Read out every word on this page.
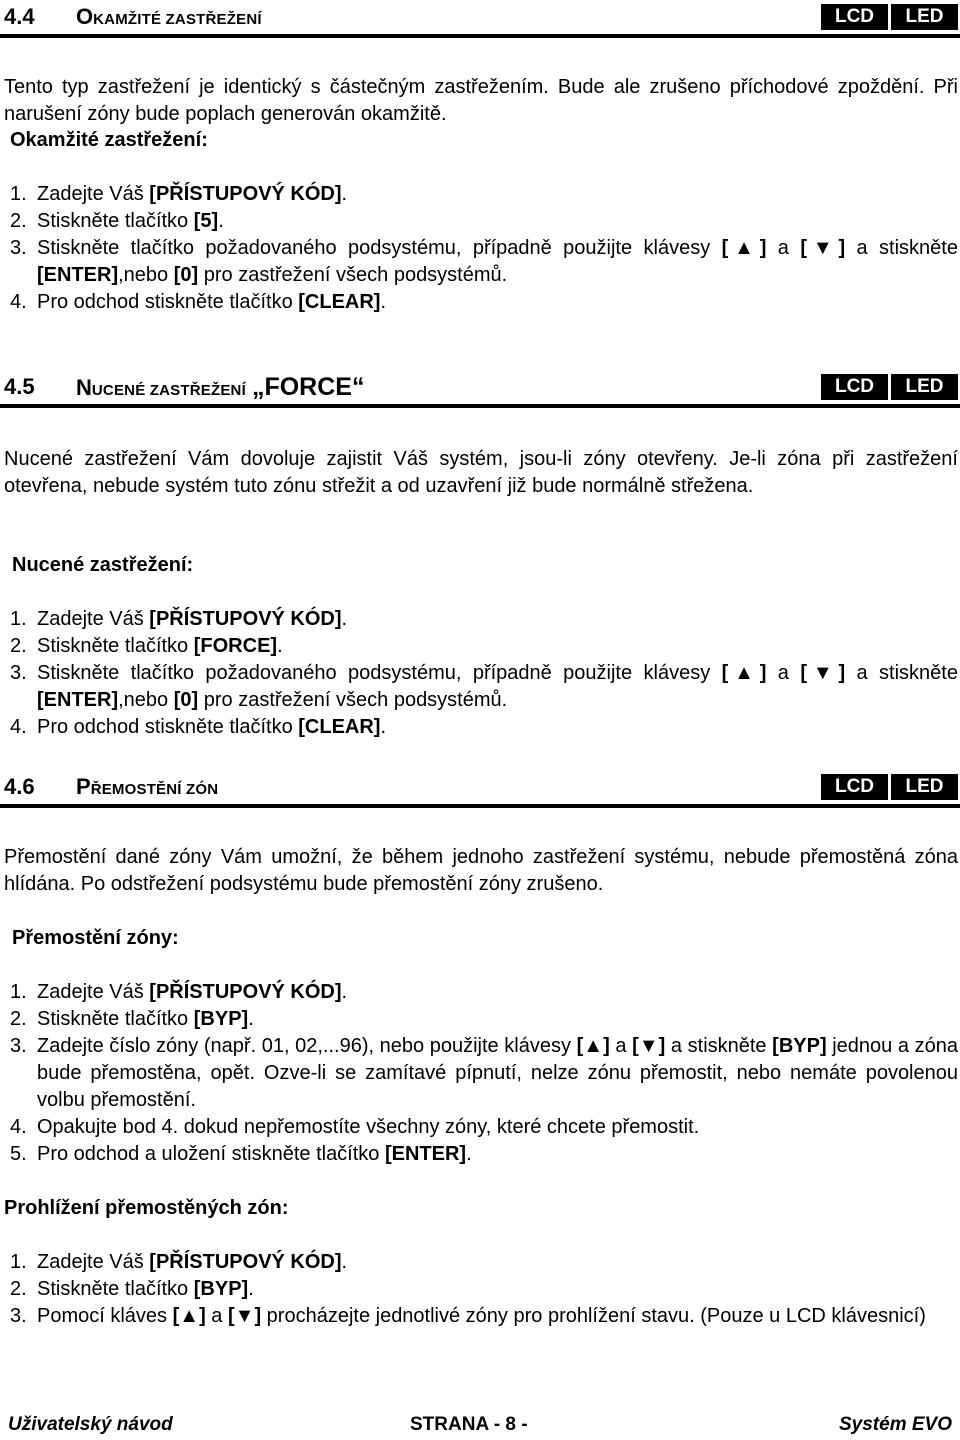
4.4 OKAMŽITÉ ZASTŘEŽENÍ	LCD	LED
Tento typ zastřežení je identický s částečným zastřežením. Bude ale zrušeno příchodové zpoždění. Při narušení zóny bude poplach generován okamžitě.
Okamžité zastřežení:
1. Zadejte Váš [PŘÍSTUPOVÝ KÓD].
2. Stiskněte tlačítko [5].
3. Stiskněte tlačítko požadovaného podsystému, případně použijte klávesy [▲] a [▼] a stiskněte [ENTER],nebo [0] pro zastřežení všech podsystémů.
4. Pro odchod stiskněte tlačítko [CLEAR].
4.5 NUCENÉ ZASTŘEŽENÍ „FORCE“	LCD	LED
Nucené zastřežení Vám dovoluje zajistit Váš systém, jsou-li zóny otevřeny. Je-li zóna při zastřežení otevřena, nebude systém tuto zónu střežit a od uzavření již bude normálně střežena.
Nucené zastřežení:
1. Zadejte Váš [PŘÍSTUPOVÝ KÓD].
2. Stiskněte tlačítko [FORCE].
3. Stiskněte tlačítko požadovaného podsystému, případně použijte klávesy [▲] a [▼] a stiskněte [ENTER],nebo [0] pro zastřežení všech podsystémů.
4. Pro odchod stiskněte tlačítko [CLEAR].
4.6 PŘEMOSTĚNÍ ZÓN	LCD	LED
Přemostění dané zóny Vám umožní, že během jednoho zastřežení systému, nebude přemostěná zóna hlídána. Po odstřežení podsystému bude přemostění zóny zrušeno.
Přemostění zóny:
1. Zadejte Váš [PŘÍSTUPOVÝ KÓD].
2. Stiskněte tlačítko [BYP].
3. Zadejte číslo zóny (např. 01, 02,...96), nebo použijte klávesy [▲] a [▼] a stiskněte [BYP] jednou a zóna bude přemostěna, opět. Ozve-li se zamítavé pípnutí, nelze zónu přemostit, nebo nemáte povolenou volbu přemostění.
4. Opakujte bod 4. dokud nepřemostíte všechny zóny, které chcete přemostit.
5. Pro odchod a uložení stiskněte tlačítko [ENTER].
Prohlížení přemostěných zón:
1. Zadejte Váš [PŘÍSTUPOVÝ KÓD].
2. Stiskněte tlačítko [BYP].
3. Pomocí kláves [▲] a [▼] procházejte jednotlivé zóny pro prohlížení stavu. (Pouze u LCD klávesnicí)
Uživatelský návod	STRANA - 8 -	Systém EVO
